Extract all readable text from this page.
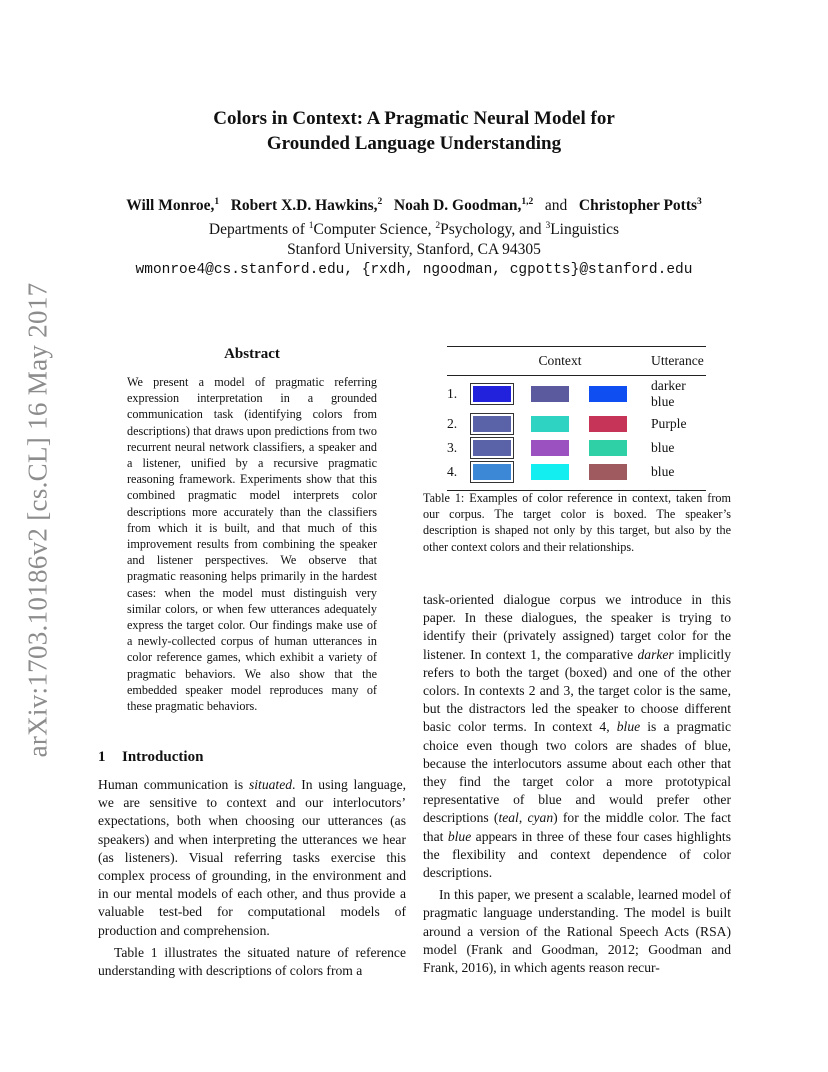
arXiv:1703.10186v2 [cs.CL] 16 May 2017
Colors in Context: A Pragmatic Neural Model for
Grounded Language Understanding
Will Monroe,$^1$ Robert X.D. Hawkins,$^2$ Noah D. Goodman,$^{1,2}$ and Christopher Potts$^3$
Departments of $^1$Computer Science, $^2$Psychology, and $^3$Linguistics
Stanford University, Stanford, CA 94305
wmonroe4@cs.stanford.edu, {rxdh, ngoodman, cgpotts}@stanford.edu
Abstract
We present a model of pragmatic referring expression interpretation in a grounded communication task (identifying colors from descriptions) that draws upon predictions from two recurrent neural network classifiers, a speaker and a listener, unified by a recursive pragmatic reasoning framework. Experiments show that this combined pragmatic model interprets color descriptions more accurately than the classifiers from which it is built, and that much of this improvement results from combining the speaker and listener perspectives. We observe that pragmatic reasoning helps primarily in the hardest cases: when the model must distinguish very similar colors, or when few utterances adequately express the target color. Our findings make use of a newly-collected corpus of human utterances in color reference games, which exhibit a variety of pragmatic behaviors. We also show that the embedded speaker model reproduces many of these pragmatic behaviors.
1 Introduction

Human communication is situated. In using language, we are sensitive to context and our interlocutors’ expectations, both when choosing our utterances (as speakers) and when interpreting the utterances we hear (as listeners). Visual referring tasks exercise this complex process of grounding, in the environment and in our mental models of each other, and thus provide a valuable test-bed for computational models of production and comprehension.

Table 1 illustrates the situated nature of reference understanding with descriptions of colors from a

	Context			Utterance
1.				darker blue
2.				Purple
3.				blue
4.				blue
Table 1: Examples of color reference in context, taken from our corpus. The target color is boxed. The speaker’s description is shaped not only by this target, but also by the other context colors and their relationships.

task-oriented dialogue corpus we introduce in this paper. In these dialogues, the speaker is trying to identify their (privately assigned) target color for the listener. In context 1, the comparative darker implicitly refers to both the target (boxed) and one of the other colors. In contexts 2 and 3, the target color is the same, but the distractors led the speaker to choose different basic color terms. In context 4, blue is a pragmatic choice even though two colors are shades of blue, because the interlocutors assume about each other that they find the target color a more prototypical representative of blue and would prefer other descriptions (teal, cyan) for the middle color. The fact that blue appears in three of these four cases highlights the flexibility and context dependence of color descriptions.

In this paper, we present a scalable, learned model of pragmatic language understanding. The model is built around a version of the Rational Speech Acts (RSA) model (Frank and Goodman, 2012; Goodman and Frank, 2016), in which agents reason recur-
